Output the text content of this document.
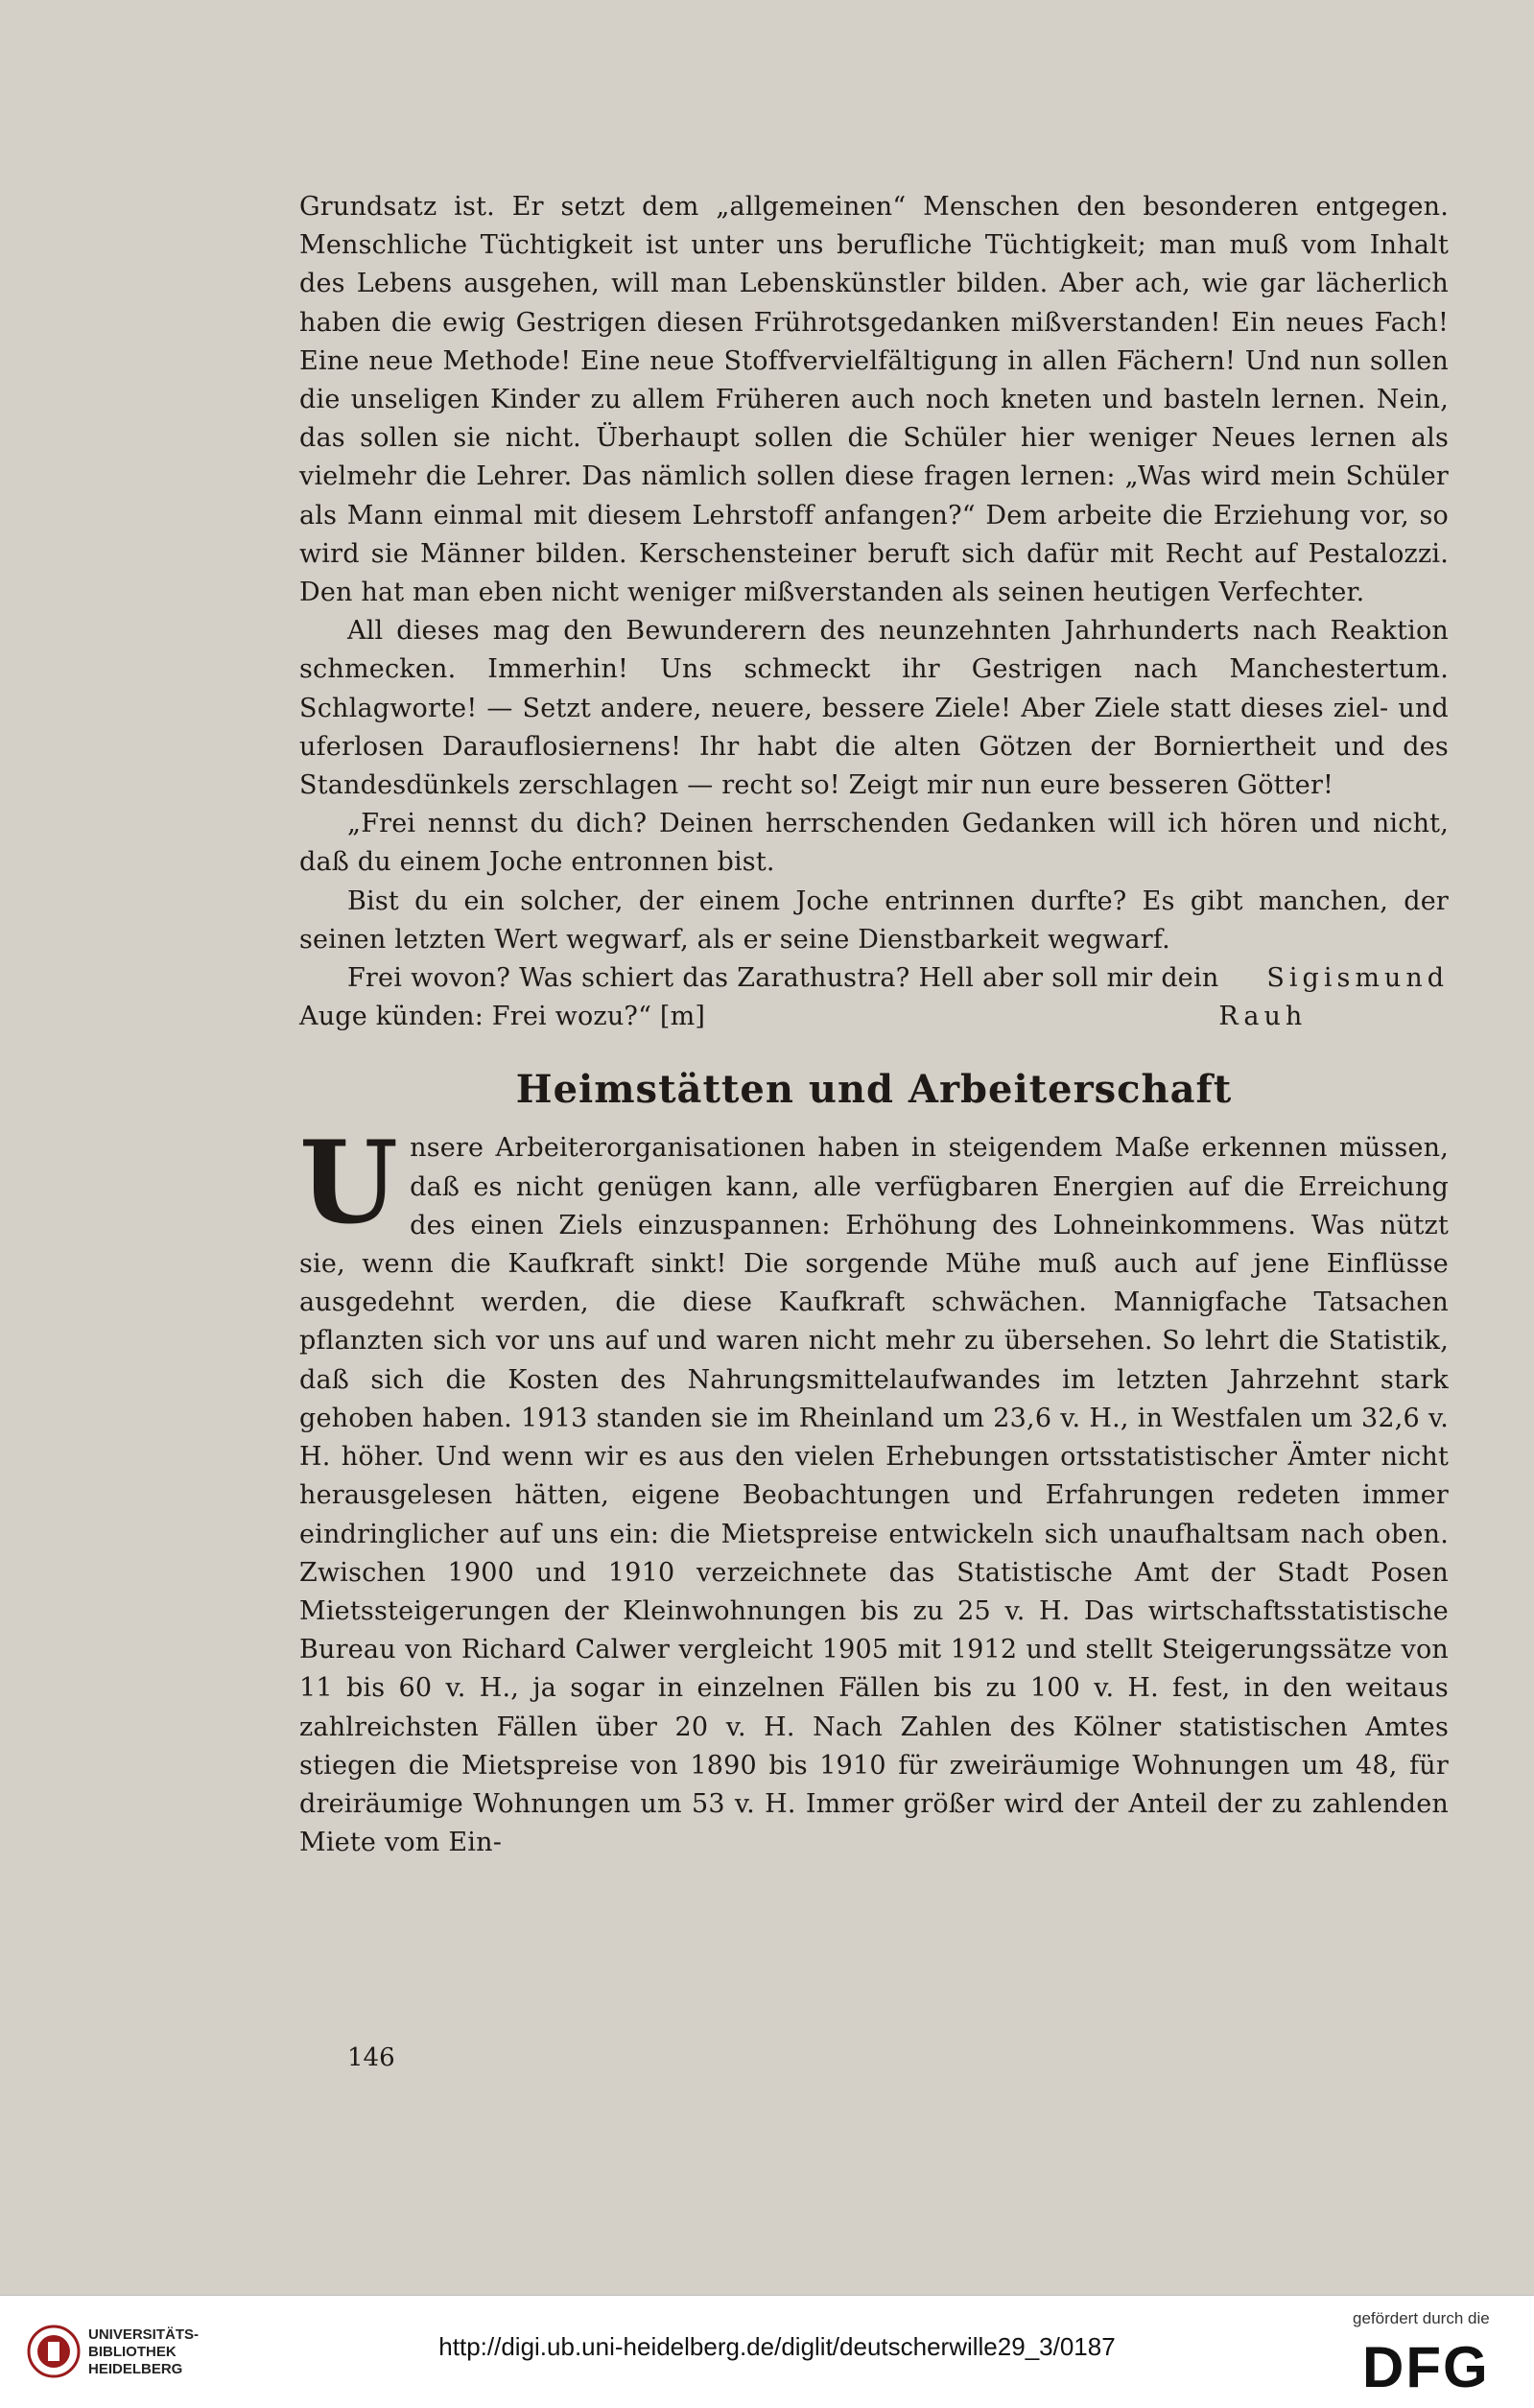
Grundsatz ist. Er setzt dem „allgemeinen“ Menschen den besonderen entgegen. Menschliche Tüchtigkeit ist unter uns berufliche Tüchtigkeit; man muß vom Inhalt des Lebens ausgehen, will man Lebenskünstler bilden. Aber ach, wie gar lächerlich haben die ewig Gestrigen diesen Frührotsgedanken mißverstanden! Ein neues Fach! Eine neue Methode! Eine neue Stoffvervielfältigung in allen Fächern! Und nun sollen die unseligen Kinder zu allem Früheren auch noch kneten und basteln lernen. Nein, das sollen sie nicht. Überhaupt sollen die Schüler hier weniger Neues lernen als vielmehr die Lehrer. Das nämlich sollen diese fragen lernen: „Was wird mein Schüler als Mann einmal mit diesem Lehrstoff anfangen?“ Dem arbeite die Erziehung vor, so wird sie Männer bilden. Kerschensteiner beruft sich dafür mit Recht auf Pestalozzi. Den hat man eben nicht weniger mißverstanden als seinen heutigen Verfechter.

All dieses mag den Bewunderern des neunzehnten Jahrhunderts nach Reaktion schmecken. Immerhin! Uns schmeckt ihr Gestrigen nach Manchestertum. Schlagworte! — Setzt andere, neuere, bessere Ziele! Aber Ziele statt dieses ziel- und uferlosen Darauflosiernens! Ihr habt die alten Götzen der Borniertheit und des Standesdünkels zerschlagen — recht so! Zeigt mir nun eure besseren Götter!

„Frei nennst du dich? Deinen herrschenden Gedanken will ich hören und nicht, daß du einem Joche entronnen bist.

Bist du ein solcher, der einem Joche entrinnen durfte? Es gibt manchen, der seinen letzten Wert wegwarf, als er seine Dienstbarkeit wegwarf.

Frei wovon? Was schiert das Zarathustra? Hell aber soll mir dein Auge künden: Frei wozu?“ [m]
Sigismund Rauh
Heimstätten und Arbeiterschaft

Unsere Arbeiterorganisationen haben in steigendem Maße erkennen müssen, daß es nicht genügen kann, alle verfügbaren Energien auf die Erreichung des einen Ziels einzuspannen: Erhöhung des Lohneinkommens. Was nützt sie, wenn die Kaufkraft sinkt! Die sorgende Mühe muß auch auf jene Einflüsse ausgedehnt werden, die diese Kaufkraft schwächen. Mannigfache Tatsachen pflanzten sich vor uns auf und waren nicht mehr zu übersehen. So lehrt die Statistik, daß sich die Kosten des Nahrungsmittelaufwandes im letzten Jahrzehnt stark gehoben haben. 1913 standen sie im Rheinland um 23,6 v. H., in Westfalen um 32,6 v. H. höher. Und wenn wir es aus den vielen Erhebungen ortsstatistischer Ämter nicht herausgelesen hätten, eigene Beobachtungen und Erfahrungen redeten immer eindringlicher auf uns ein: die Mietspreise entwickeln sich unaufhaltsam nach oben. Zwischen 1900 und 1910 verzeichnete das Statistische Amt der Stadt Posen Mietssteigerungen der Kleinwohnungen bis zu 25 v. H. Das wirtschaftsstatistische Bureau von Richard Calwer vergleicht 1905 mit 1912 und stellt Steigerungssätze von 11 bis 60 v. H., ja sogar in einzelnen Fällen bis zu 100 v. H. fest, in den weitaus zahlreichsten Fällen über 20 v. H. Nach Zahlen des Kölner statistischen Amtes stiegen die Mietspreise von 1890 bis 1910 für zweiräumige Wohnungen um 48, für dreiräumige Wohnungen um 53 v. H. Immer größer wird der Anteil der zu zahlenden Miete vom Ein-

146
UNIVERSITÄTS-
BIBLIOTHEK
HEIDELBERG
http://digi.ub.uni-heidelberg.de/diglit/deutscherwille29_3/0187
gefördert durch die
DFG
